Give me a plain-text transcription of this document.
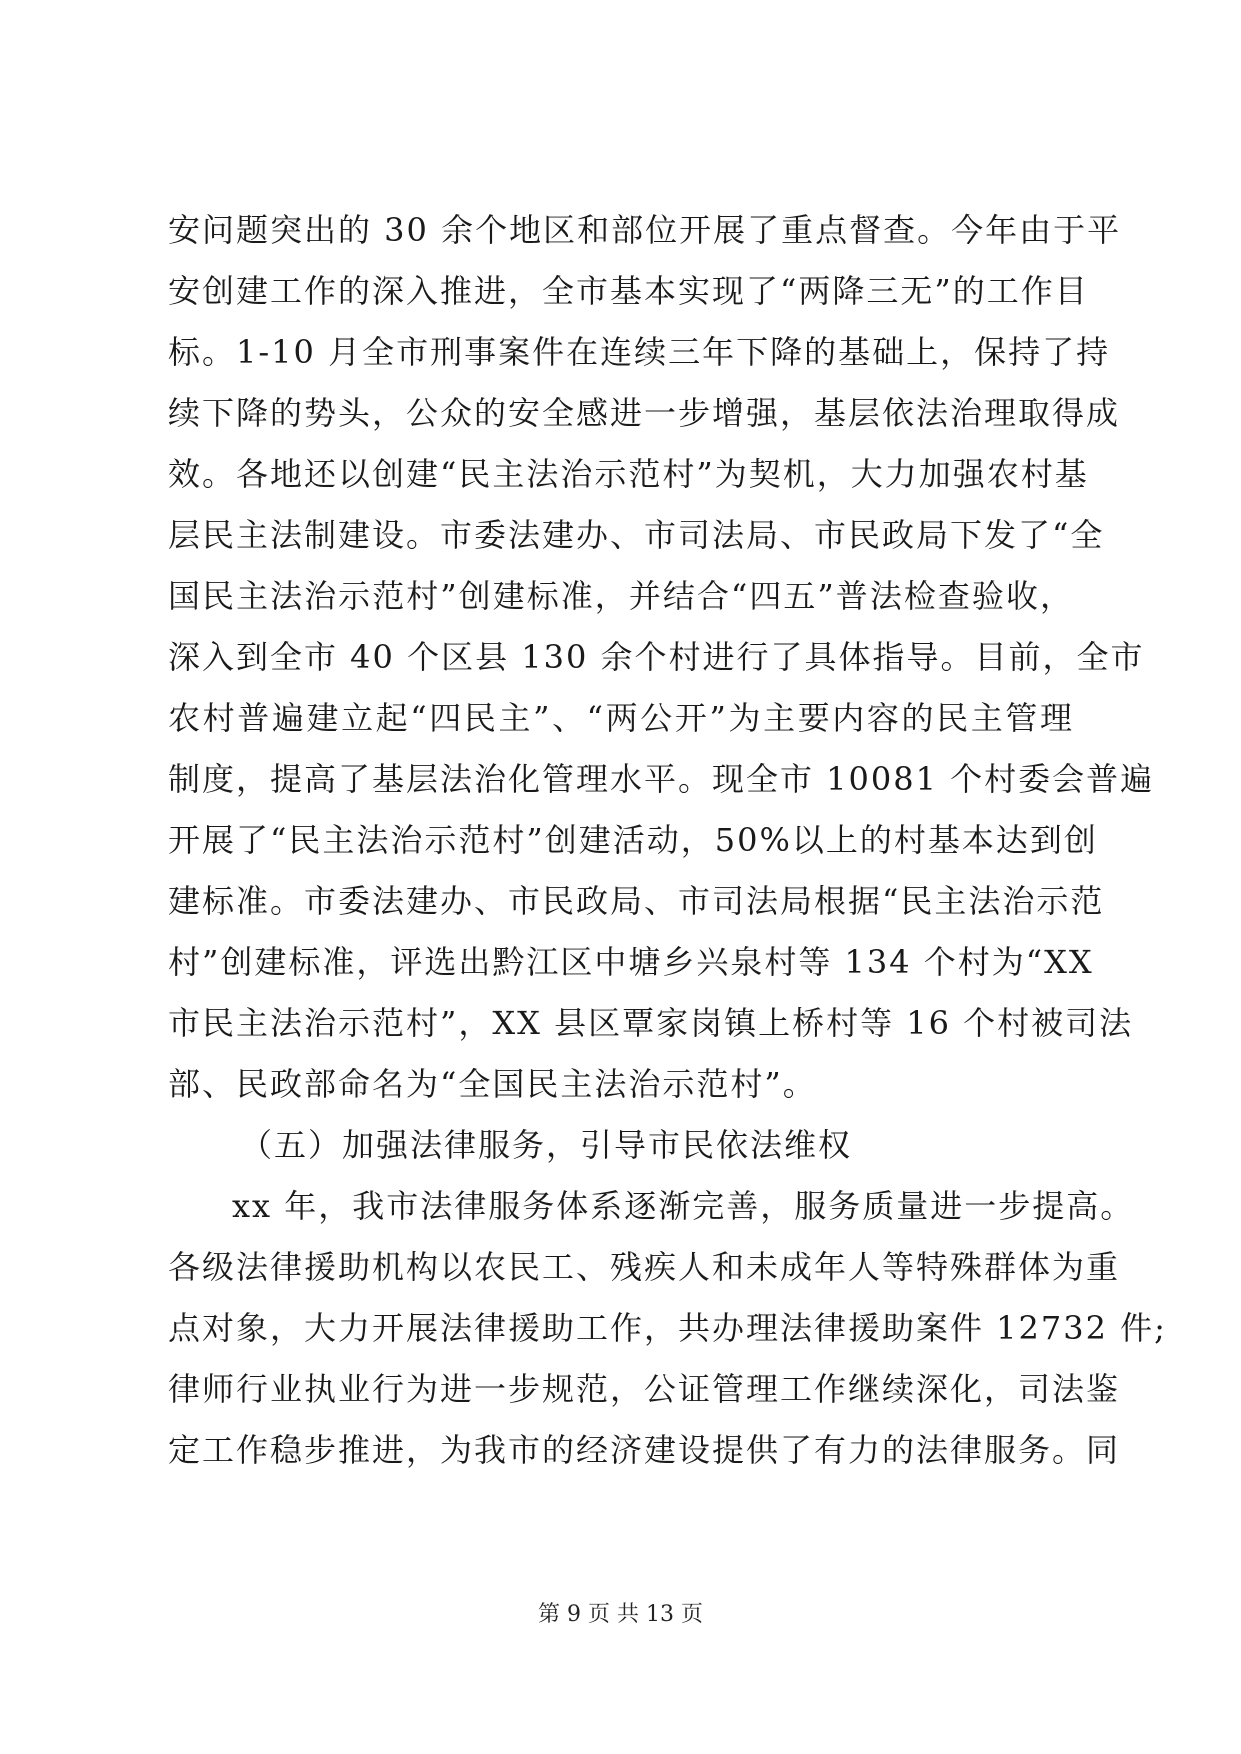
安问题突出的 30 余个地区和部位开展了重点督查。今年由于平
安创建工作的深入推进，全市基本实现了“两降三无”的工作目
标。1-10 月全市刑事案件在连续三年下降的基础上，保持了持
续下降的势头，公众的安全感进一步增强，基层依法治理取得成
效。各地还以创建“民主法治示范村”为契机，大力加强农村基
层民主法制建设。市委法建办、市司法局、市民政局下发了“全
国民主法治示范村”创建标准，并结合“四五”普法检查验收，
深入到全市 40 个区县 130 余个村进行了具体指导。目前，全市
农村普遍建立起“四民主”、“两公开”为主要内容的民主管理
制度，提高了基层法治化管理水平。现全市 10081 个村委会普遍
开展了“民主法治示范村”创建活动，50%以上的村基本达到创
建标准。市委法建办、市民政局、市司法局根据“民主法治示范
村”创建标准，评选出黔江区中塘乡兴泉村等 134 个村为“XX
市民主法治示范村”，XX 县区覃家岗镇上桥村等 16 个村被司法
部、民政部命名为“全国民主法治示范村”。
（五）加强法律服务，引导市民依法维权
xx 年，我市法律服务体系逐渐完善，服务质量进一步提高。
各级法律援助机构以农民工、残疾人和未成年人等特殊群体为重
点对象，大力开展法律援助工作，共办理法律援助案件 12732 件;
律师行业执业行为进一步规范，公证管理工作继续深化，司法鉴
定工作稳步推进，为我市的经济建设提供了有力的法律服务。同
第 9 页 共 13 页
